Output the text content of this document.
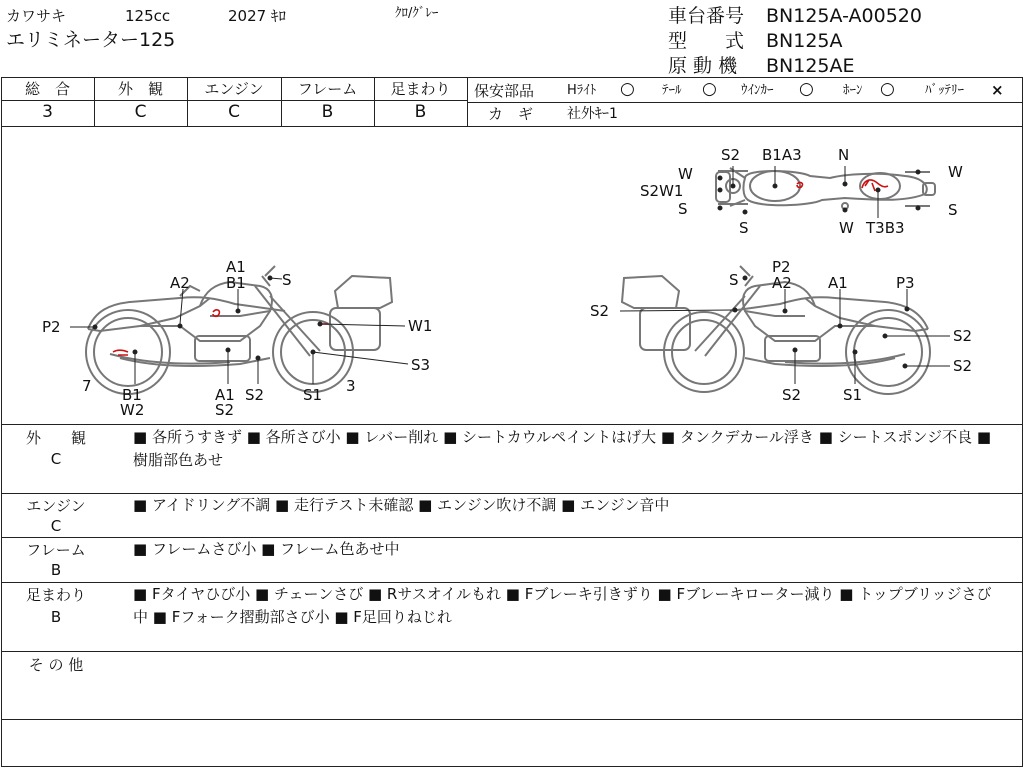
カワサキ	125cc	2027 ｷﾛ	ｸﾛ/ｸﾞﾚｰ
エリミネーター125
車台番号 BN125A-A00520
型　　式 BN125A
原 動 機 BN125AE
総　合	外　観	エンジン	フレーム	足まわり
3	C	C	B	B
保安部品	Hﾗｲﾄ ○ ﾃｰﾙ ○ ｳｲﾝｶｰ ○ ﾎｰﾝ ○ ﾊﾞｯﾃﾘｰ ×
カ　ギ 社外ｷｰ1
S2 B1A3 N
W	W
S2W1
S
S
S
W T3B3
A1
B1 S
A2
P2	W1
S3
7 B1
W2
A1
S2
S2	S1 3
S
P2
A2 A1	P3
S2
S2
S2
S2	S1
外　　観
C
■ 各所うすきず ■ 各所さび小 ■ レバー削れ ■ シートカウルペイントはげ大 ■ タンクデカール浮き ■ シートスポンジ不良 ■ 樹脂部色あせ
エンジン
C
■ アイドリング不調 ■ 走行テスト未確認 ■ エンジン吹け不調 ■ エンジン音中
フレーム
B
■ フレームさび小 ■ フレーム色あせ中
足まわり
B
■ Fタイヤひび小 ■ チェーンさび ■ Rサスオイルもれ ■ Fブレーキ引きずり ■ Fブレーキローター減り ■ トップブリッジさび中 ■ Fフォーク摺動部さび小 ■ F足回りねじれ
そ の 他
